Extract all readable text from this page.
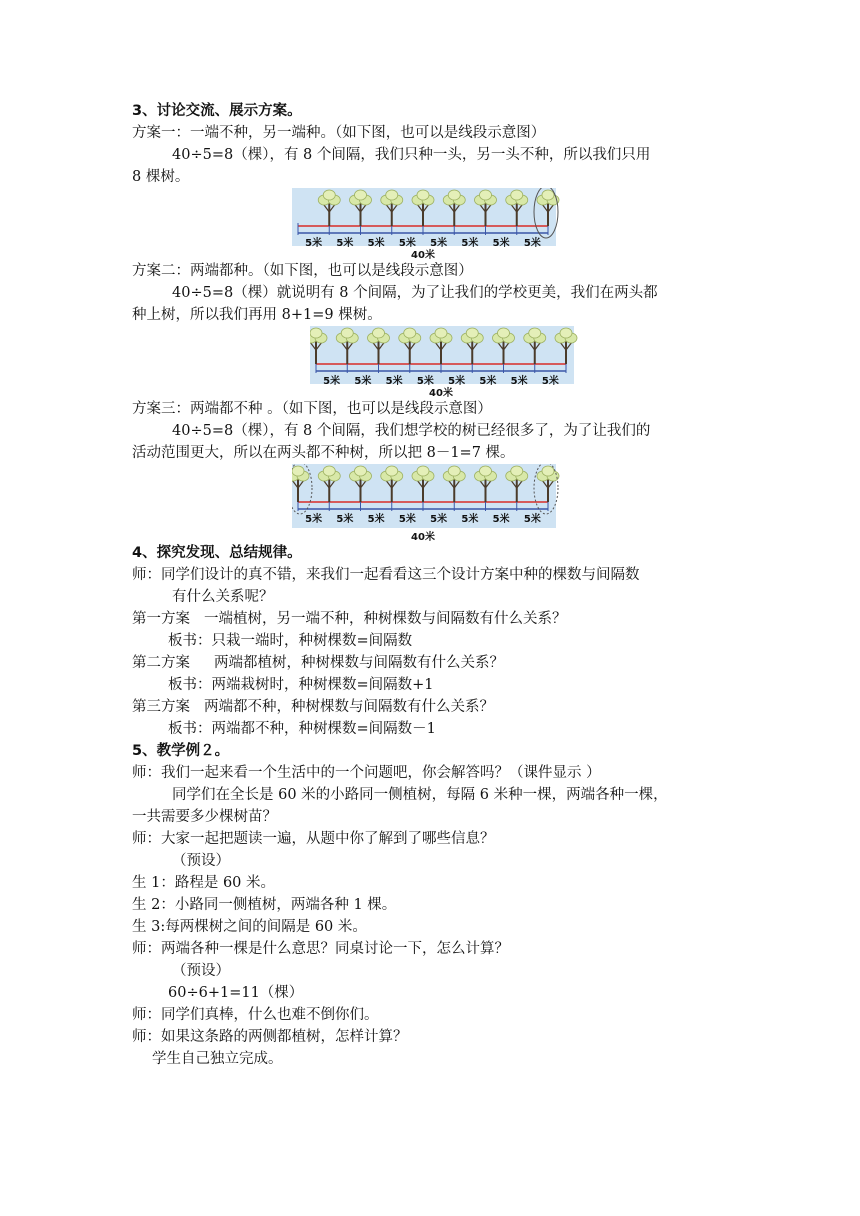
3、讨论交流、展示方案。
方案一：一端不种，另一端种。（如下图，也可以是线段示意图）
40÷5=8（棵），有 8 个间隔，我们只种一头，另一头不种，所以我们只用
8 棵树。
5米 5米 5米 5米 5米 5米 5米 5米
40米
方案二：两端都种。（如下图，也可以是线段示意图）
40÷5=8（棵）就说明有 8 个间隔，为了让我们的学校更美，我们在两头都
种上树，所以我们再用 8+1=9 棵树。
5米 5米 5米 5米 5米 5米 5米 5米
40米
方案三：两端都不种 。（如下图，也可以是线段示意图）
40÷5=8（棵），有 8 个间隔，我们想学校的树已经很多了，为了让我们的
活动范围更大，所以在两头都不种树，所以把 8－1=7 棵。
5米 5米 5米 5米 5米 5米 5米 5米
40米
4、探究发现、总结规律。
师：同学们设计的真不错，来我们一起看看这三个设计方案中种的棵数与间隔数
有什么关系呢？
第一方案 一端植树，另一端不种，种树棵数与间隔数有什么关系？
板书：只栽一端时，种树棵数=间隔数
第二方案 两端都植树，种树棵数与间隔数有什么关系？
板书：两端栽树时，种树棵数=间隔数+1
第三方案 两端都不种，种树棵数与间隔数有什么关系？
板书：两端都不种，种树棵数=间隔数－1
5、教学例２。
师：我们一起来看一个生活中的一个问题吧，你会解答吗？（课件显示 ）
同学们在全长是 60 米的小路同一侧植树，每隔 6 米种一棵，两端各种一棵，
一共需要多少棵树苗？
师：大家一起把题读一遍，从题中你了解到了哪些信息？
（预设）
生 1：路程是 60 米。
生 2：小路同一侧植树，两端各种 1 棵。
生 3:每两棵树之间的间隔是 60 米。
师：两端各种一棵是什么意思？同桌讨论一下，怎么计算？
（预设）
60÷6+1=11（棵）
师：同学们真棒，什么也难不倒你们。
师：如果这条路的两侧都植树，怎样计算？
学生自己独立完成。
